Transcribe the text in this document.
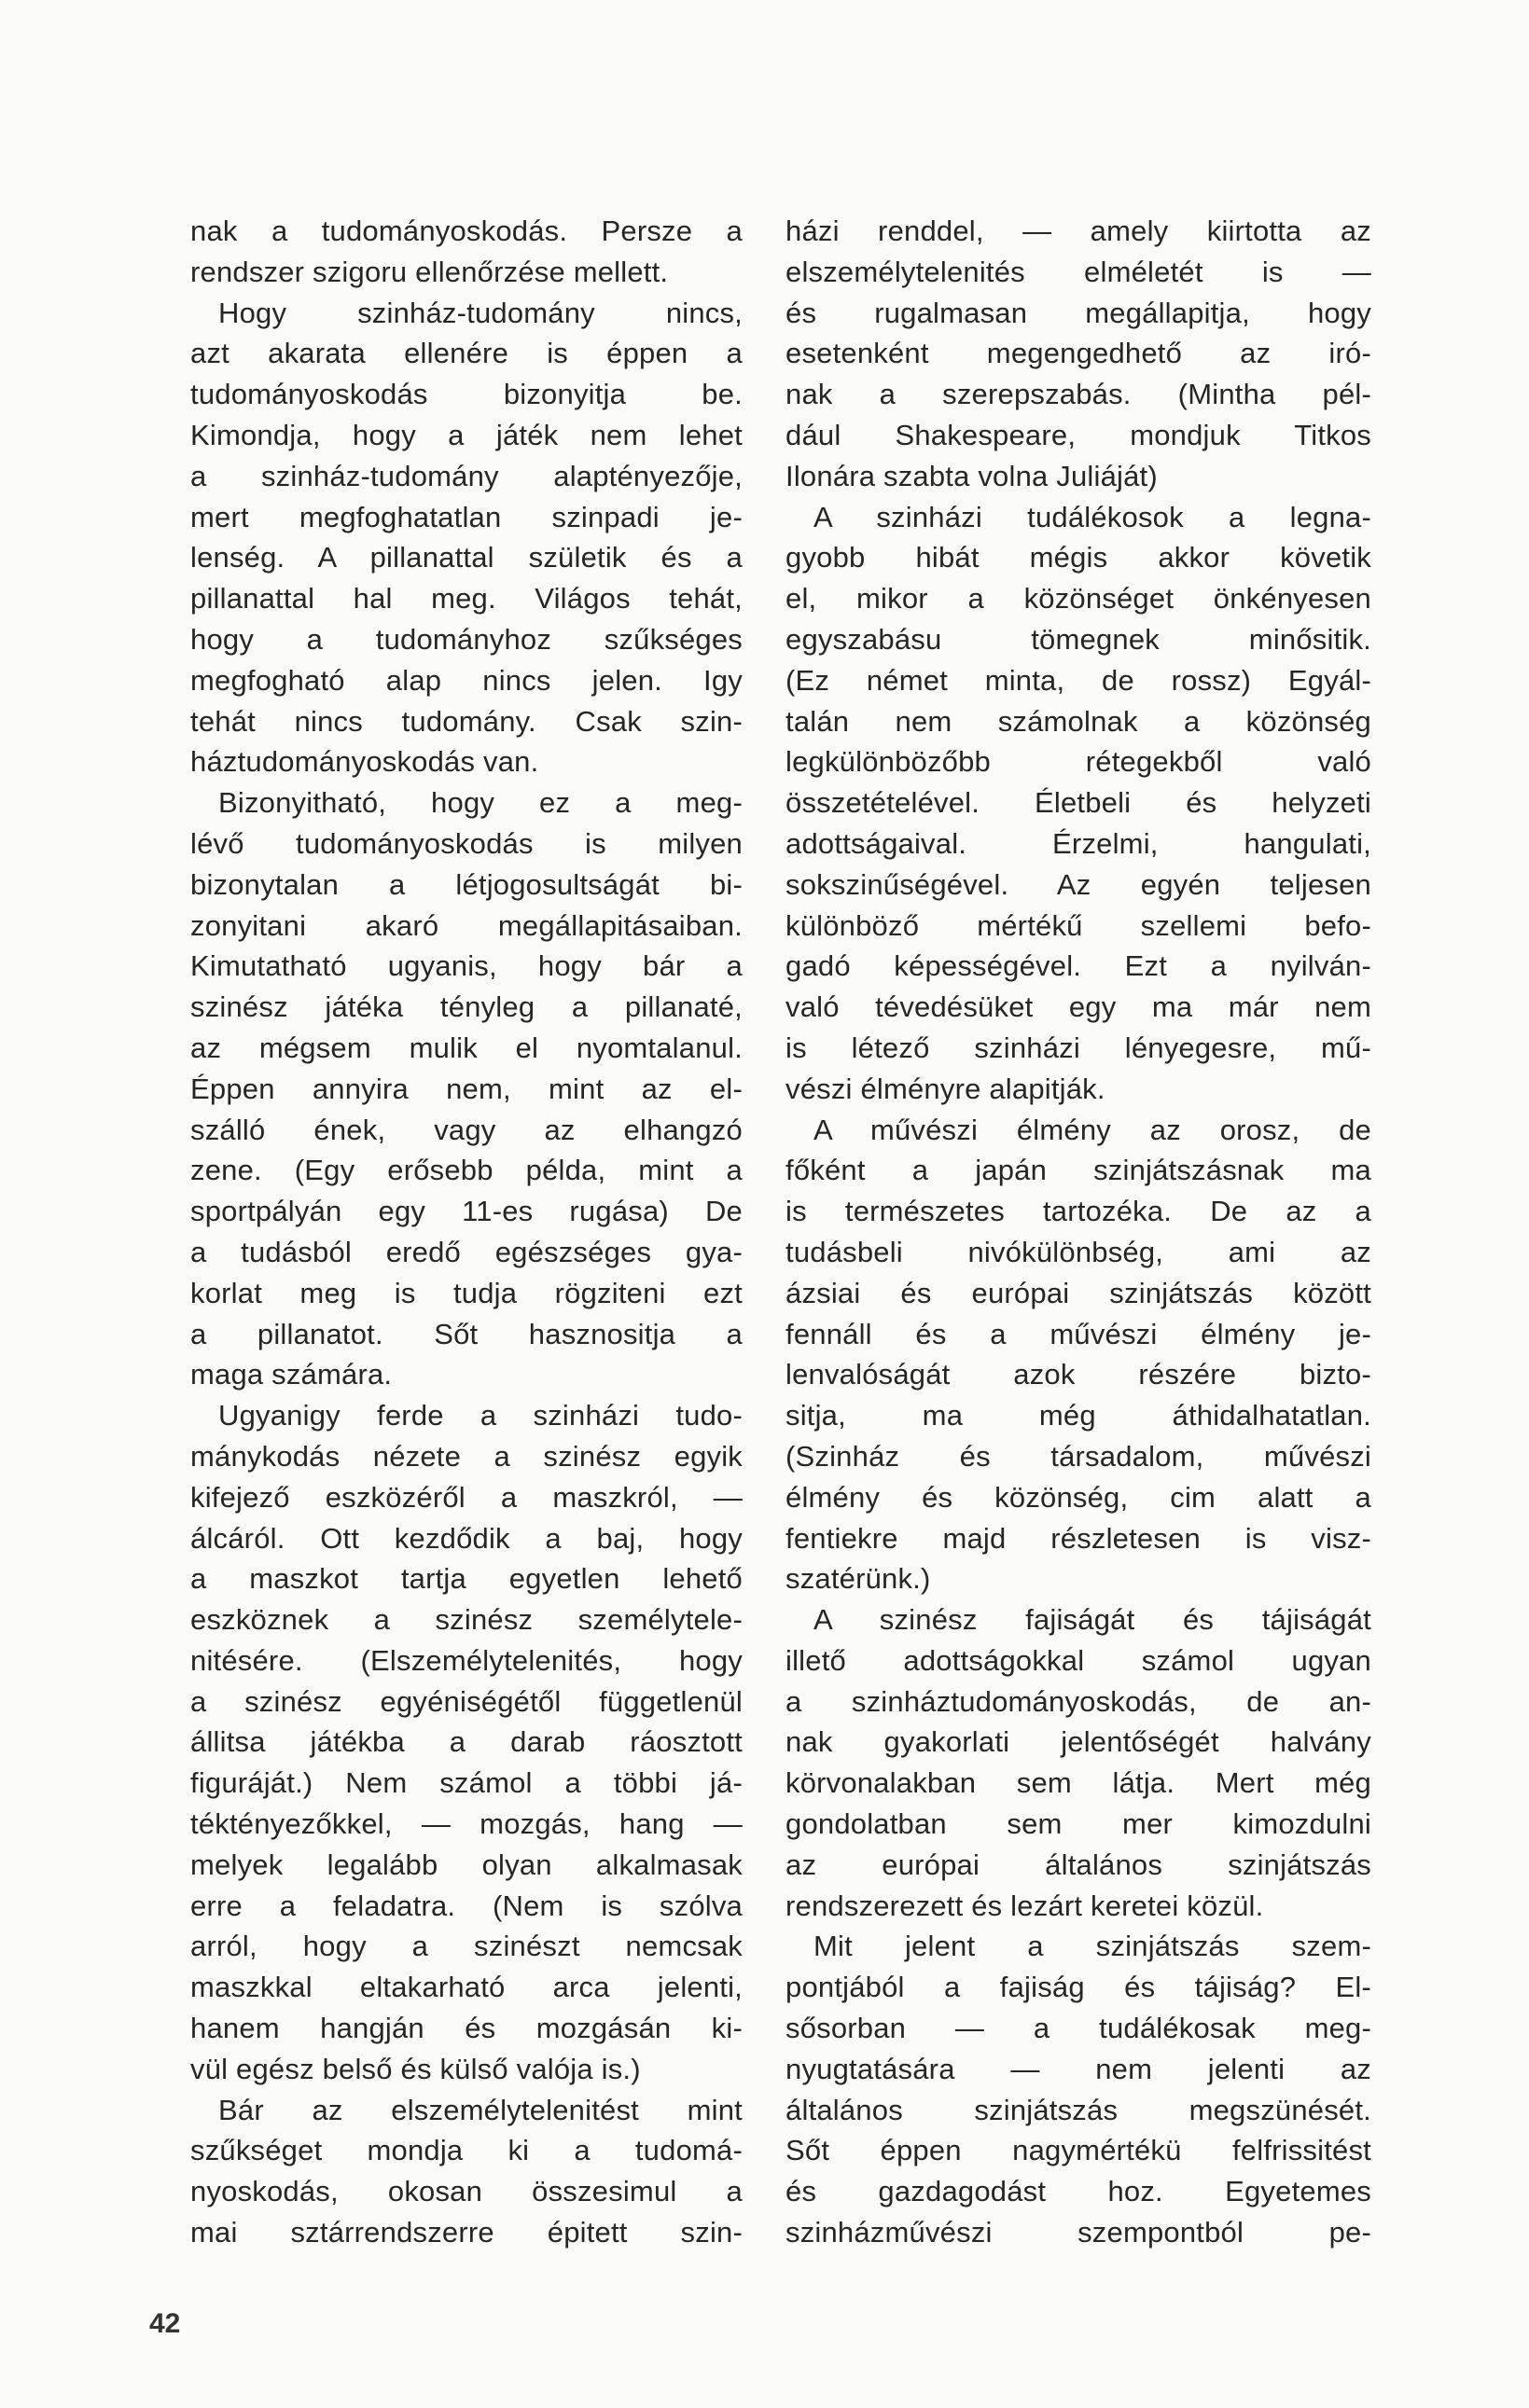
nak a tudományoskodás. Persze a
rendszer szigoru ellenőrzése mellett.
Hogy szinház-tudomány nincs,
azt akarata ellenére is éppen a
tudományoskodás bizonyitja be.
Kimondja, hogy a játék nem lehet
a szinház-tudomány alaptényezője,
mert megfoghatatlan szinpadi je-
lenség. A pillanattal születik és a
pillanattal hal meg. Világos tehát,
hogy a tudományhoz szűkséges
megfogható alap nincs jelen. Igy
tehát nincs tudomány. Csak szin-
háztudományoskodás van.
Bizonyitható, hogy ez a meg-
lévő tudományoskodás is milyen
bizonytalan a létjogosultságát bi-
zonyitani akaró megállapitásaiban.
Kimutatható ugyanis, hogy bár a
szinész játéka tényleg a pillanaté,
az mégsem mulik el nyomtalanul.
Éppen annyira nem, mint az el-
szálló ének, vagy az elhangzó
zene. (Egy erősebb példa, mint a
sportpályán egy 11-es rugása) De
a tudásból eredő egészséges gya-
korlat meg is tudja rögziteni ezt
a pillanatot. Sőt hasznositja a
maga számára.
Ugyanigy ferde a szinházi tudo-
mánykodás nézete a szinész egyik
kifejező eszközéről a maszkról, —
álcáról. Ott kezdődik a baj, hogy
a maszkot tartja egyetlen lehető
eszköznek a szinész személytele-
nitésére. (Elszemélytelenités, hogy
a szinész egyéniségétől függetlenül
állitsa játékba a darab ráosztott
figuráját.) Nem számol a többi já-
téktényezőkkel, — mozgás, hang —
melyek legalább olyan alkalmasak
erre a feladatra. (Nem is szólva
arról, hogy a szinészt nemcsak
maszkkal eltakarható arca jelenti,
hanem hangján és mozgásán ki-
vül egész belső és külső valója is.)
Bár az elszemélytelenitést mint
szűkséget mondja ki a tudomá-
nyoskodás, okosan összesimul a
mai sztárrendszerre épitett szin-
házi renddel, — amely kiirtotta az
elszemélytelenités elméletét is —
és rugalmasan megállapitja, hogy
esetenként megengedhető az iró-
nak a szerepszabás. (Mintha pél-
dául Shakespeare, mondjuk Titkos
Ilonára szabta volna Juliáját)
A szinházi tudálékosok a legna-
gyobb hibát mégis akkor követik
el, mikor a közönséget önkényesen
egyszabásu tömegnek minősitik.
(Ez német minta, de rossz) Egyál-
talán nem számolnak a közönség
legkülönbözőbb rétegekből való
összetételével. Életbeli és helyzeti
adottságaival. Érzelmi, hangulati,
sokszinűségével. Az egyén teljesen
különböző mértékű szellemi befo-
gadó képességével. Ezt a nyilván-
való tévedésüket egy ma már nem
is létező szinházi lényegesre, mű-
vészi élményre alapitják.
A művészi élmény az orosz, de
főként a japán szinjátszásnak ma
is természetes tartozéka. De az a
tudásbeli nivókülönbség, ami az
ázsiai és európai szinjátszás között
fennáll és a művészi élmény je-
lenvalóságát azok részére bizto-
sitja, ma még áthidalhatatlan.
(Szinház és társadalom, művészi
élmény és közönség, cim alatt a
fentiekre majd részletesen is visz-
szatérünk.)
A szinész fajiságát és tájiságát
illető adottságokkal számol ugyan
a szinháztudományoskodás, de an-
nak gyakorlati jelentőségét halvány
körvonalakban sem látja. Mert még
gondolatban sem mer kimozdulni
az európai általános szinjátszás
rendszerezett és lezárt keretei közül.
Mit jelent a szinjátszás szem-
pontjából a fajiság és tájiság? El-
sősorban — a tudálékosak meg-
nyugtatására — nem jelenti az
általános szinjátszás megszünését.
Sőt éppen nagymértékü felfrissitést
és gazdagodást hoz. Egyetemes
szinházművészi szempontból pe-
42
